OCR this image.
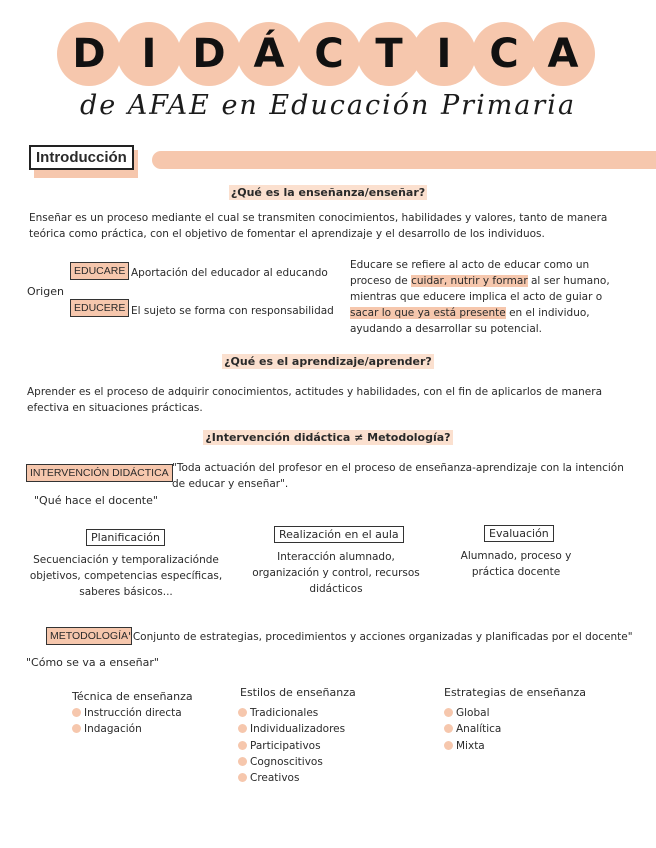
D I D Á C T I C A
de AFAE en Educación Primaria
Introducción
¿Qué es la enseñanza/enseñar?
Enseñar es un proceso mediante el cual se transmiten conocimientos, habilidades y valores, tanto de manera teórica como práctica, con el objetivo de fomentar el aprendizaje y el desarrollo de los individuos.
Origen
EDUCARE Aportación del educador al educando
EDUCERE El sujeto se forma con responsabilidad
Educare se refiere al acto de educar como un proceso de cuidar, nutrir y formar al ser humano, mientras que educere implica el acto de guiar o sacar lo que ya está presente en el individuo, ayudando a desarrollar su potencial.
¿Qué es el aprendizaje/aprender?
Aprender es el proceso de adquirir conocimientos, actitudes y habilidades, con el fin de aplicarlos de manera efectiva en situaciones prácticas.
¿Intervención didáctica ≠ Metodología?
INTERVENCIÓN DIDÁCTICA "Toda actuación del profesor en el proceso de enseñanza-aprendizaje con la intención de educar y enseñar".
"Qué hace el docente"
Planificación
Secuenciación y temporalizaciónde objetivos, competencias específicas, saberes básicos...
Realización en el aula
Interacción alumnado, organización y control, recursos didácticos
Evaluación
Alumnado, proceso y práctica docente
METODOLOGÍA "Conjunto de estrategias, procedimientos y acciones organizadas y planificadas por el docente"
"Cómo se va a enseñar"
Técnica de enseñanza
Instrucción directa
Indagación
Estilos de enseñanza
Tradicionales
Individualizadores
Participativos
Cognoscitivos
Creativos
Estrategias de enseñanza
Global
Analítica
Mixta
